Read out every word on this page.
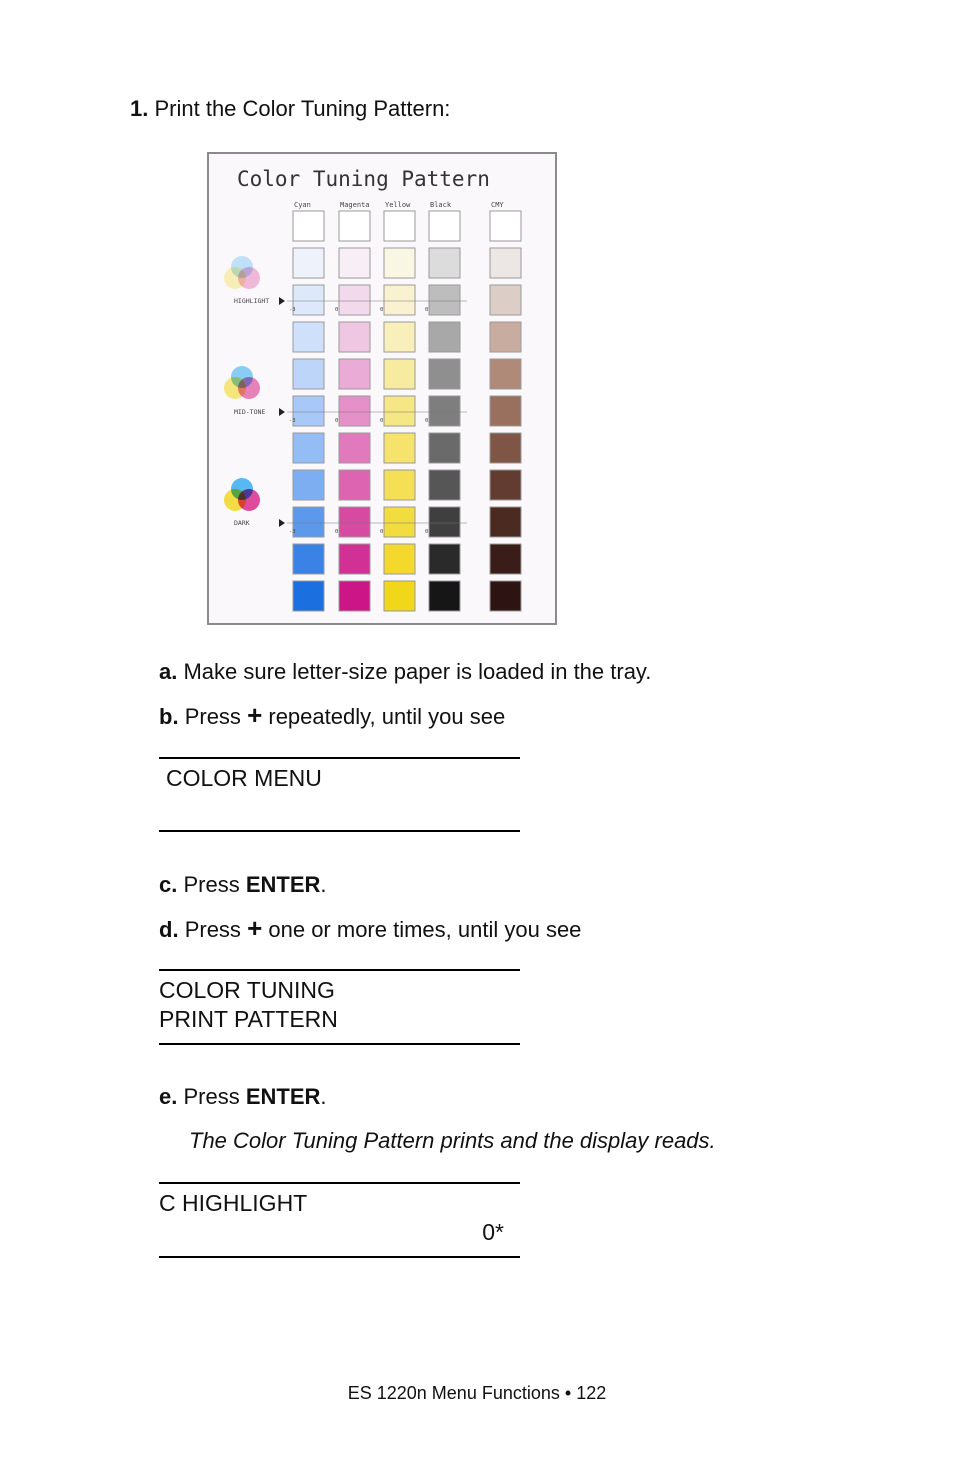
1. Print the Color Tuning Pattern:
Color Tuning Pattern
Cyan	Magenta Yellow	Black	CMY
HIGHLIGHT
-3	0	0	0
MID-TONE
-3	0	0	0
DARK
-3	0	0	0
a. Make sure letter-size paper is loaded in the tray.
b. Press + repeatedly, until you see
COLOR MENU
c. Press ENTER.
d. Press + one or more times, until you see
COLOR TUNING
PRINT PATTERN
e. Press ENTER.
The Color Tuning Pattern prints and the display reads.
C HIGHLIGHT
0*
ES 1220n Menu Functions • 122
